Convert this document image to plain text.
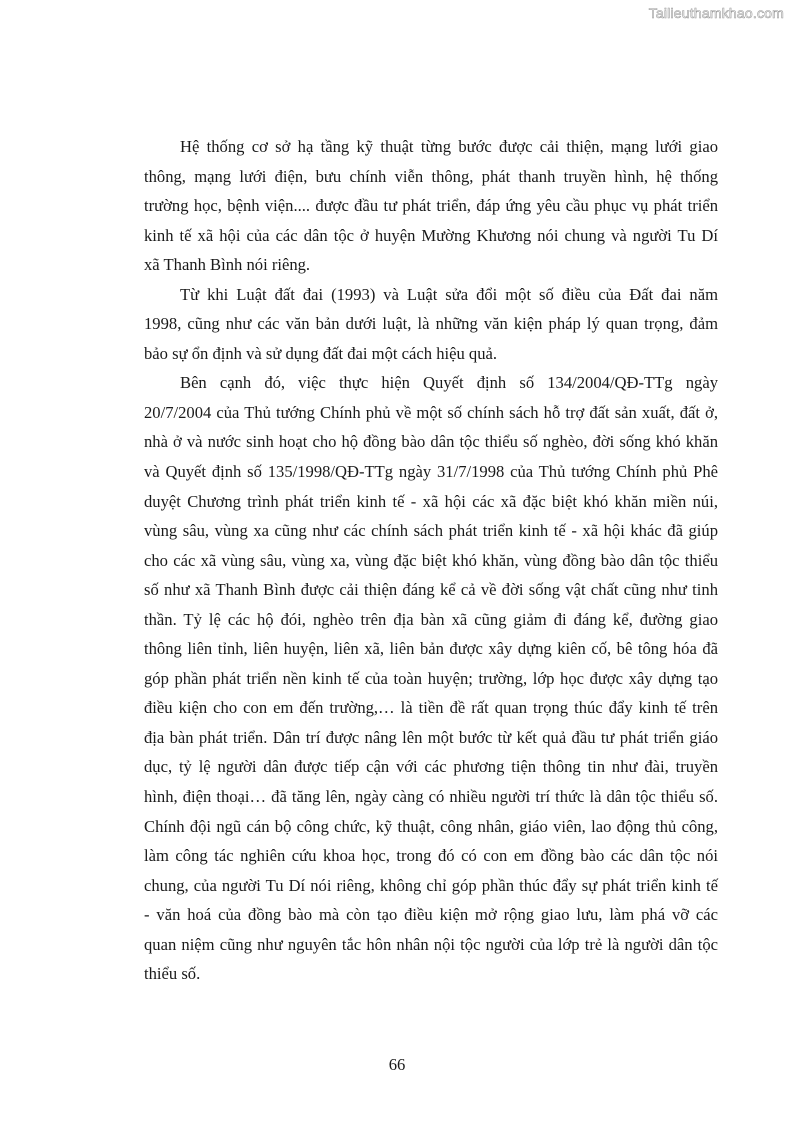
Tailieuthamkhao.com
Hệ thống cơ sở hạ tầng kỹ thuật từng bước được cải thiện, mạng lưới giao
thông, mạng lưới điện, bưu chính viễn thông, phát thanh truyền hình, hệ thống
trường học, bệnh viện.... được đầu tư phát triển, đáp ứng yêu cầu phục vụ phát triển
kinh tế xã hội của các dân tộc ở huyện Mường Khương nói chung và người Tu Dí
xã Thanh Bình nói riêng.
Từ khi Luật đất đai (1993) và Luật sửa đổi một số điều của Đất đai năm
1998, cũng như các văn bản dưới luật, là những văn kiện pháp lý quan trọng, đảm
bảo sự ổn định và sử dụng đất đai một cách hiệu quả.
Bên cạnh đó, việc thực hiện Quyết định số 134/2004/QĐ-TTg ngày
20/7/2004 của Thủ tướng Chính phủ về một số chính sách hỗ trợ đất sản xuất, đất ở,
nhà ở và nước sinh hoạt cho hộ đồng bào dân tộc thiểu số nghèo, đời sống khó khăn
và Quyết định số 135/1998/QĐ-TTg ngày 31/7/1998 của Thủ tướng Chính phủ Phê
duyệt Chương trình phát triển kinh tế - xã hội các xã đặc biệt khó khăn miền núi,
vùng sâu, vùng xa cũng như các chính sách phát triển kinh tế - xã hội khác đã giúp
cho các xã vùng sâu, vùng xa, vùng đặc biệt khó khăn, vùng đồng bào dân tộc thiểu
số như xã Thanh Bình được cải thiện đáng kể cả về đời sống vật chất cũng như tinh
thần. Tỷ lệ các hộ đói, nghèo trên địa bàn xã cũng giảm đi đáng kể, đường giao
thông liên tỉnh, liên huyện, liên xã, liên bản được xây dựng kiên cố, bê tông hóa đã
góp phần phát triển nền kinh tế của toàn huyện; trường, lớp học được xây dựng tạo
điều kiện cho con em đến trường,… là tiền đề rất quan trọng thúc đẩy kinh tế trên
địa bàn phát triển. Dân trí được nâng lên một bước từ kết quả đầu tư phát triển giáo
dục, tỷ lệ người dân được tiếp cận với các phương tiện thông tin như đài, truyền
hình, điện thoại… đã tăng lên, ngày càng có nhiều người trí thức là dân tộc thiểu số.
Chính đội ngũ cán bộ công chức, kỹ thuật, công nhân, giáo viên, lao động thủ công,
làm công tác nghiên cứu khoa học, trong đó có con em đồng bào các dân tộc nói
chung, của người Tu Dí nói riêng, không chỉ góp phần thúc đẩy sự phát triển kinh tế
- văn hoá của đồng bào mà còn tạo điều kiện mở rộng giao lưu, làm phá vỡ các
quan niệm cũng như nguyên tắc hôn nhân nội tộc người của lớp trẻ là người dân tộc
thiểu số.
66
